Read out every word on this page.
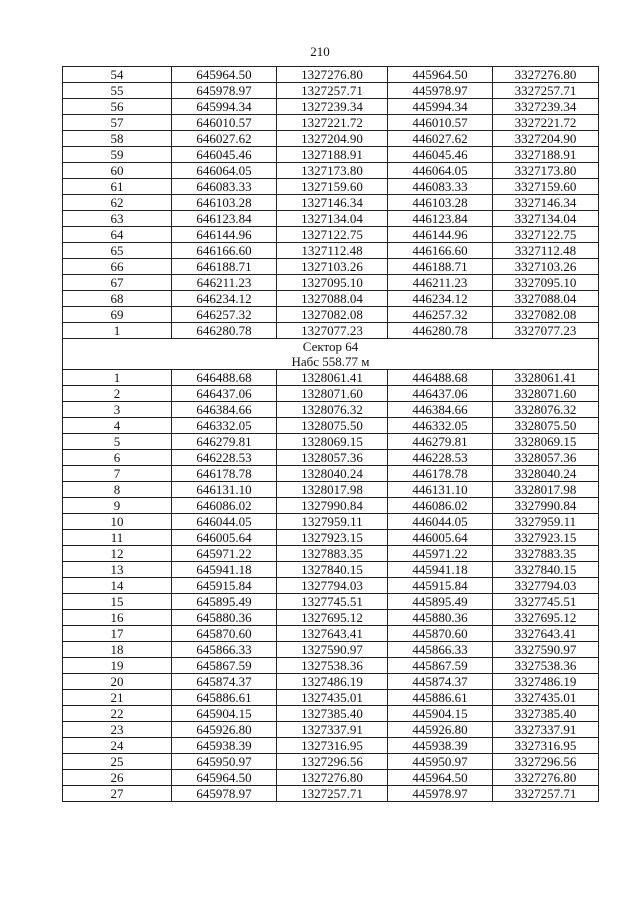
210
54	645964.50	1327276.80	445964.50	3327276.80
55	645978.97	1327257.71	445978.97	3327257.71
56	645994.34	1327239.34	445994.34	3327239.34
57	646010.57	1327221.72	446010.57	3327221.72
58	646027.62	1327204.90	446027.62	3327204.90
59	646045.46	1327188.91	446045.46	3327188.91
60	646064.05	1327173.80	446064.05	3327173.80
61	646083.33	1327159.60	446083.33	3327159.60
62	646103.28	1327146.34	446103.28	3327146.34
63	646123.84	1327134.04	446123.84	3327134.04
64	646144.96	1327122.75	446144.96	3327122.75
65	646166.60	1327112.48	446166.60	3327112.48
66	646188.71	1327103.26	446188.71	3327103.26
67	646211.23	1327095.10	446211.23	3327095.10
68	646234.12	1327088.04	446234.12	3327088.04
69	646257.32	1327082.08	446257.32	3327082.08
1	646280.78	1327077.23	446280.78	3327077.23

Сектор 64
Набс 558.77 м				

1	646488.68	1328061.41	446488.68	3328061.41
2	646437.06	1328071.60	446437.06	3328071.60
3	646384.66	1328076.32	446384.66	3328076.32
4	646332.05	1328075.50	446332.05	3328075.50
5	646279.81	1328069.15	446279.81	3328069.15
6	646228.53	1328057.36	446228.53	3328057.36
7	646178.78	1328040.24	446178.78	3328040.24
8	646131.10	1328017.98	446131.10	3328017.98
9	646086.02	1327990.84	446086.02	3327990.84
10	646044.05	1327959.11	446044.05	3327959.11
11	646005.64	1327923.15	446005.64	3327923.15
12	645971.22	1327883.35	445971.22	3327883.35
13	645941.18	1327840.15	445941.18	3327840.15
14	645915.84	1327794.03	445915.84	3327794.03
15	645895.49	1327745.51	445895.49	3327745.51
16	645880.36	1327695.12	445880.36	3327695.12
17	645870.60	1327643.41	445870.60	3327643.41
18	645866.33	1327590.97	445866.33	3327590.97
19	645867.59	1327538.36	445867.59	3327538.36
20	645874.37	1327486.19	445874.37	3327486.19
21	645886.61	1327435.01	445886.61	3327435.01
22	645904.15	1327385.40	445904.15	3327385.40
23	645926.80	1327337.91	445926.80	3327337.91
24	645938.39	1327316.95	445938.39	3327316.95
25	645950.97	1327296.56	445950.97	3327296.56
26	645964.50	1327276.80	445964.50	3327276.80
27	645978.97	1327257.71	445978.97	3327257.71
